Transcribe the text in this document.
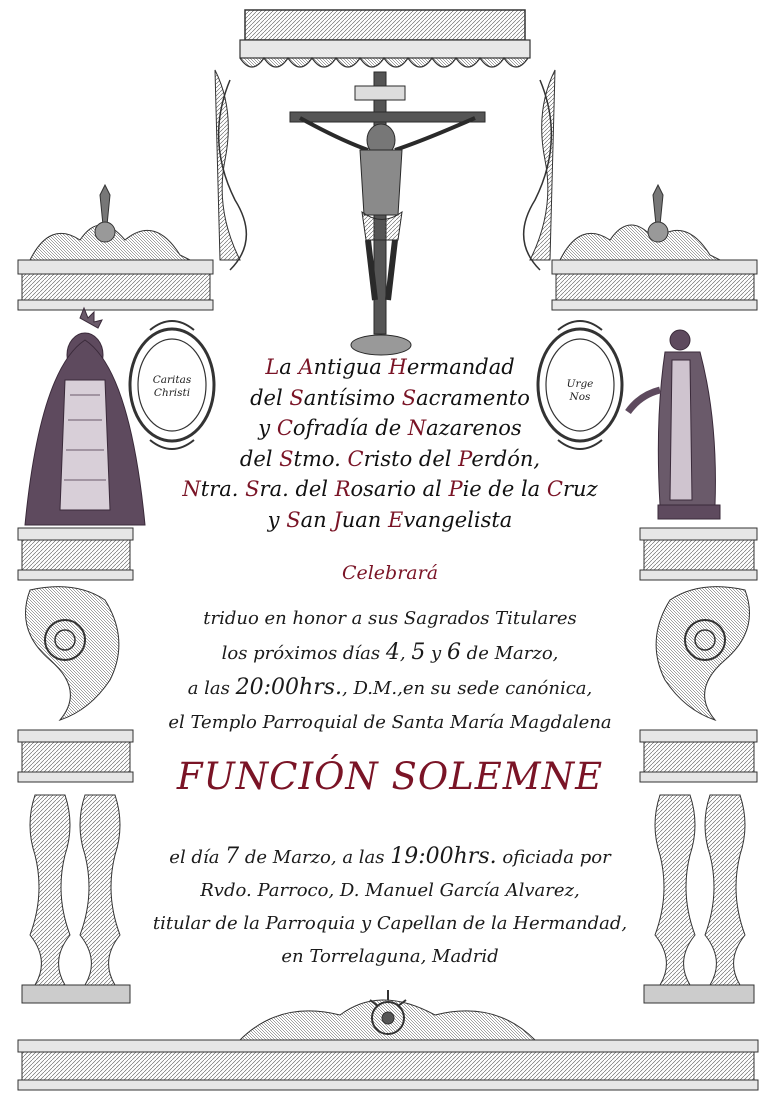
Caritas
Christi
Urge
Nos
La Antigua Hermandad
del Santísimo Sacramento
y Cofradía de Nazarenos
del Stmo. Cristo del Perdón,
Ntra. Sra. del Rosario al Pie de la Cruz
y San Juan Evangelista
Celebrará
triduo en honor a sus Sagrados Titulares
los próximos días 4, 5 y 6 de Marzo,
a las 20:00hrs., D.M.,en su sede canónica,
el Templo Parroquial de Santa María Magdalena
FUNCIÓN SOLEMNE
el día 7 de Marzo, a las 19:00hrs. oficiada por
Rvdo. Parroco, D. Manuel García Alvarez,
titular de la Parroquia y Capellan de la Hermandad,
en Torrelaguna, Madrid
